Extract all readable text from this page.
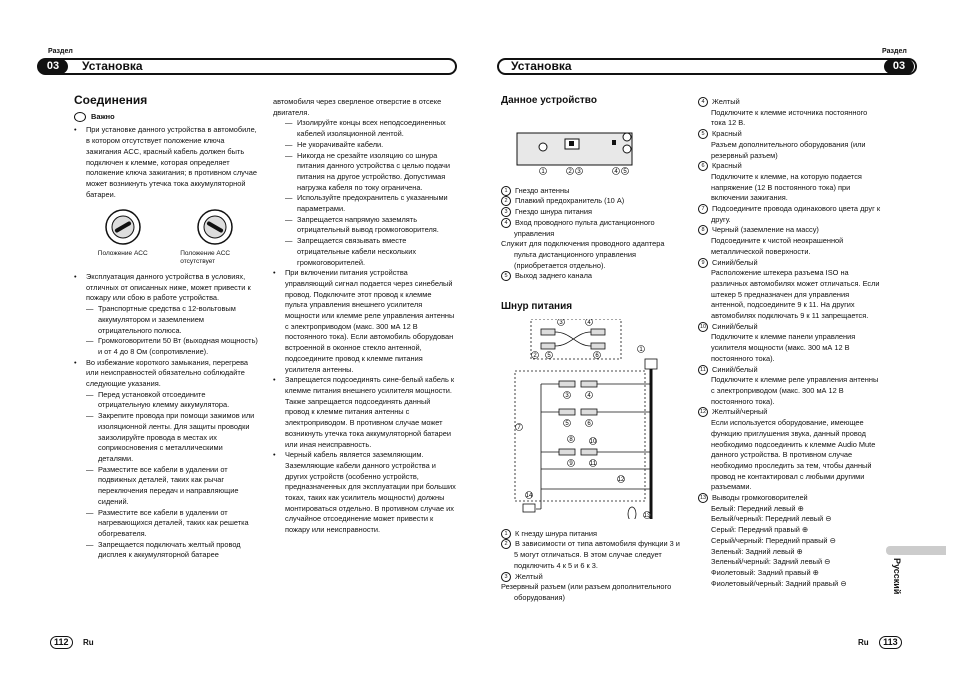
Раздел
03	Установка
Соединения
Важно
•	При установке данного устройства в автомобиле, в котором отсутствует положение ключа зажигания ACC, красный кабель должен быть подключен к клемме, которая определяет положение ключа зажигания; в противном случае может возникнуть утечка тока аккумуляторной батареи.
Положение ACC	Положение ACC отсутствует
•	Эксплуатация данного устройства в условиях, отличных от описанных ниже, может привести к пожару или сбою в работе устройства.
— Транспортные средства с 12-вольтовым аккумулятором и заземлением отрицательного полюса.
— Громкоговорители 50 Вт (выходная мощность) и от 4 до 8 Ом (сопротивление).
•	Во избежание короткого замыкания, перегрева или неисправностей обязательно соблюдайте следующие указания.
— Перед установкой отсоедините отрицательную клемму аккумулятора.
— Закрепите провода при помощи зажимов или изоляционной ленты. Для защиты проводки заизолируйте провода в местах их соприкосновения с металлическими деталями.
— Разместите все кабели в удалении от подвижных деталей, таких как рычаг переключения передач и направляющие сидений.
— Разместите все кабели в удалении от нагревающихся деталей, таких как решетка обогревателя.
— Запрещается подключать желтый провод дисплея к аккумуляторной батарее
автомобиля через сверленое отверстие в отсеке двигателя.
— Изолируйте концы всех неподсоединенных кабелей изоляционной лентой.
— Не укорачивайте кабели.
— Никогда не срезайте изоляцию со шнура питания данного устройства с целью подачи питания на другое устройство. Допустимая нагрузка кабеля по току ограничена.
— Используйте предохранитель с указанными параметрами.
— Запрещается напрямую заземлять отрицательный вывод громкоговорителя.
— Запрещается связывать вместе отрицательные кабели нескольких громкоговорителей.
•	При включении питания устройства управляющий сигнал подается через синебелый провод. Подключите этот провод к клемме пульта управления внешнего усилителя мощности или клемме реле управления антенны с электроприводом (макс. 300 мА 12 В постоянного тока). Если автомобиль оборудован встроенной в оконное стекло антенной, подсоедините провод к клемме питания усилителя антенны.
•	Запрещается подсоединять сине-белый кабель к клемме питания внешнего усилителя мощности. Также запрещается подсоединять данный провод к клемме питания антенны с электроприводом. В противном случае может возникнуть утечка тока аккумуляторной батареи или иная неисправность.
•	Черный кабель является заземляющим. Заземляющие кабели данного устройства и других устройств (особенно устройств, предназначенных для эксплуатации при больших токах, таких как усилитель мощности) должны монтироваться отдельно. В противном случае их случайное отсоединение может привести к пожару или неисправности.
112 Ru
Раздел
03
Установка
Данное устройство
1	2 3	4 5
1 Гнездо антенны
2 Плавкий предохранитель (10 А)
3 Гнездо шнура питания
4 Вход проводного пульта дистанционного управления
Служит для подключения проводного адаптера пульта дистанционного управления (приобретается отдельно).
5 Выход заднего канала
Шнур питания
3	4
2 5	6
1
3	4
5	6
7
8	10
9	11
12
14
13
1 К гнезду шнура питания
2 В зависимости от типа автомобиля функции 3 и 5 могут отличаться. В этом случае следует подключить 4 к 5 и 6 к 3.
3 Желтый
Резервный разъем (или разъем дополнительного оборудования)
4 Желтый
Подключите к клемме источника постоянного тока 12 В.
5 Красный
Разъем дополнительного оборудования (или резервный разъем)
6 Красный
Подключите к клемме, на которую подается напряжение (12 В постоянного тока) при включении зажигания.
7 Подсоедините провода одинакового цвета друг к другу.
8 Черный (заземление на массу)
Подсоедините к чистой неокрашенной металлической поверхности.
9 Синий/белый
Расположение штекера разъема ISO на различных автомобилях может отличаться. Если штекер 5 предназначен для управления антенной, подсоедините 9 к 11. На других автомобилях подключать 9 к 11 запрещается.
10 Синий/белый
Подключите к клемме панели управления усилителя мощности (макс. 300 мА 12 В постоянного тока).
11 Синий/белый
Подключите к клемме реле управления антенны с электроприводом (макс. 300 мА 12 В постоянного тока).
12 Желтый/черный
Если используется оборудование, имеющее функцию приглушения звука, данный провод необходимо подсоединить к клемме Audio Mute данного устройства. В противном случае необходимо проследить за тем, чтобы данный провод не контактировал с любыми другими разъемами.
13 Выводы громкоговорителей
Белый: Передний левый ⊕
Белый/черный: Передний левый ⊖
Серый: Передний правый ⊕
Серый/черный: Передний правый ⊖
Зеленый: Задний левый ⊕
Зеленый/черный: Задний левый ⊖
Фиолетовый: Задний правый ⊕
Фиолетовый/черный: Задний правый ⊖	Русский
Ru 113
